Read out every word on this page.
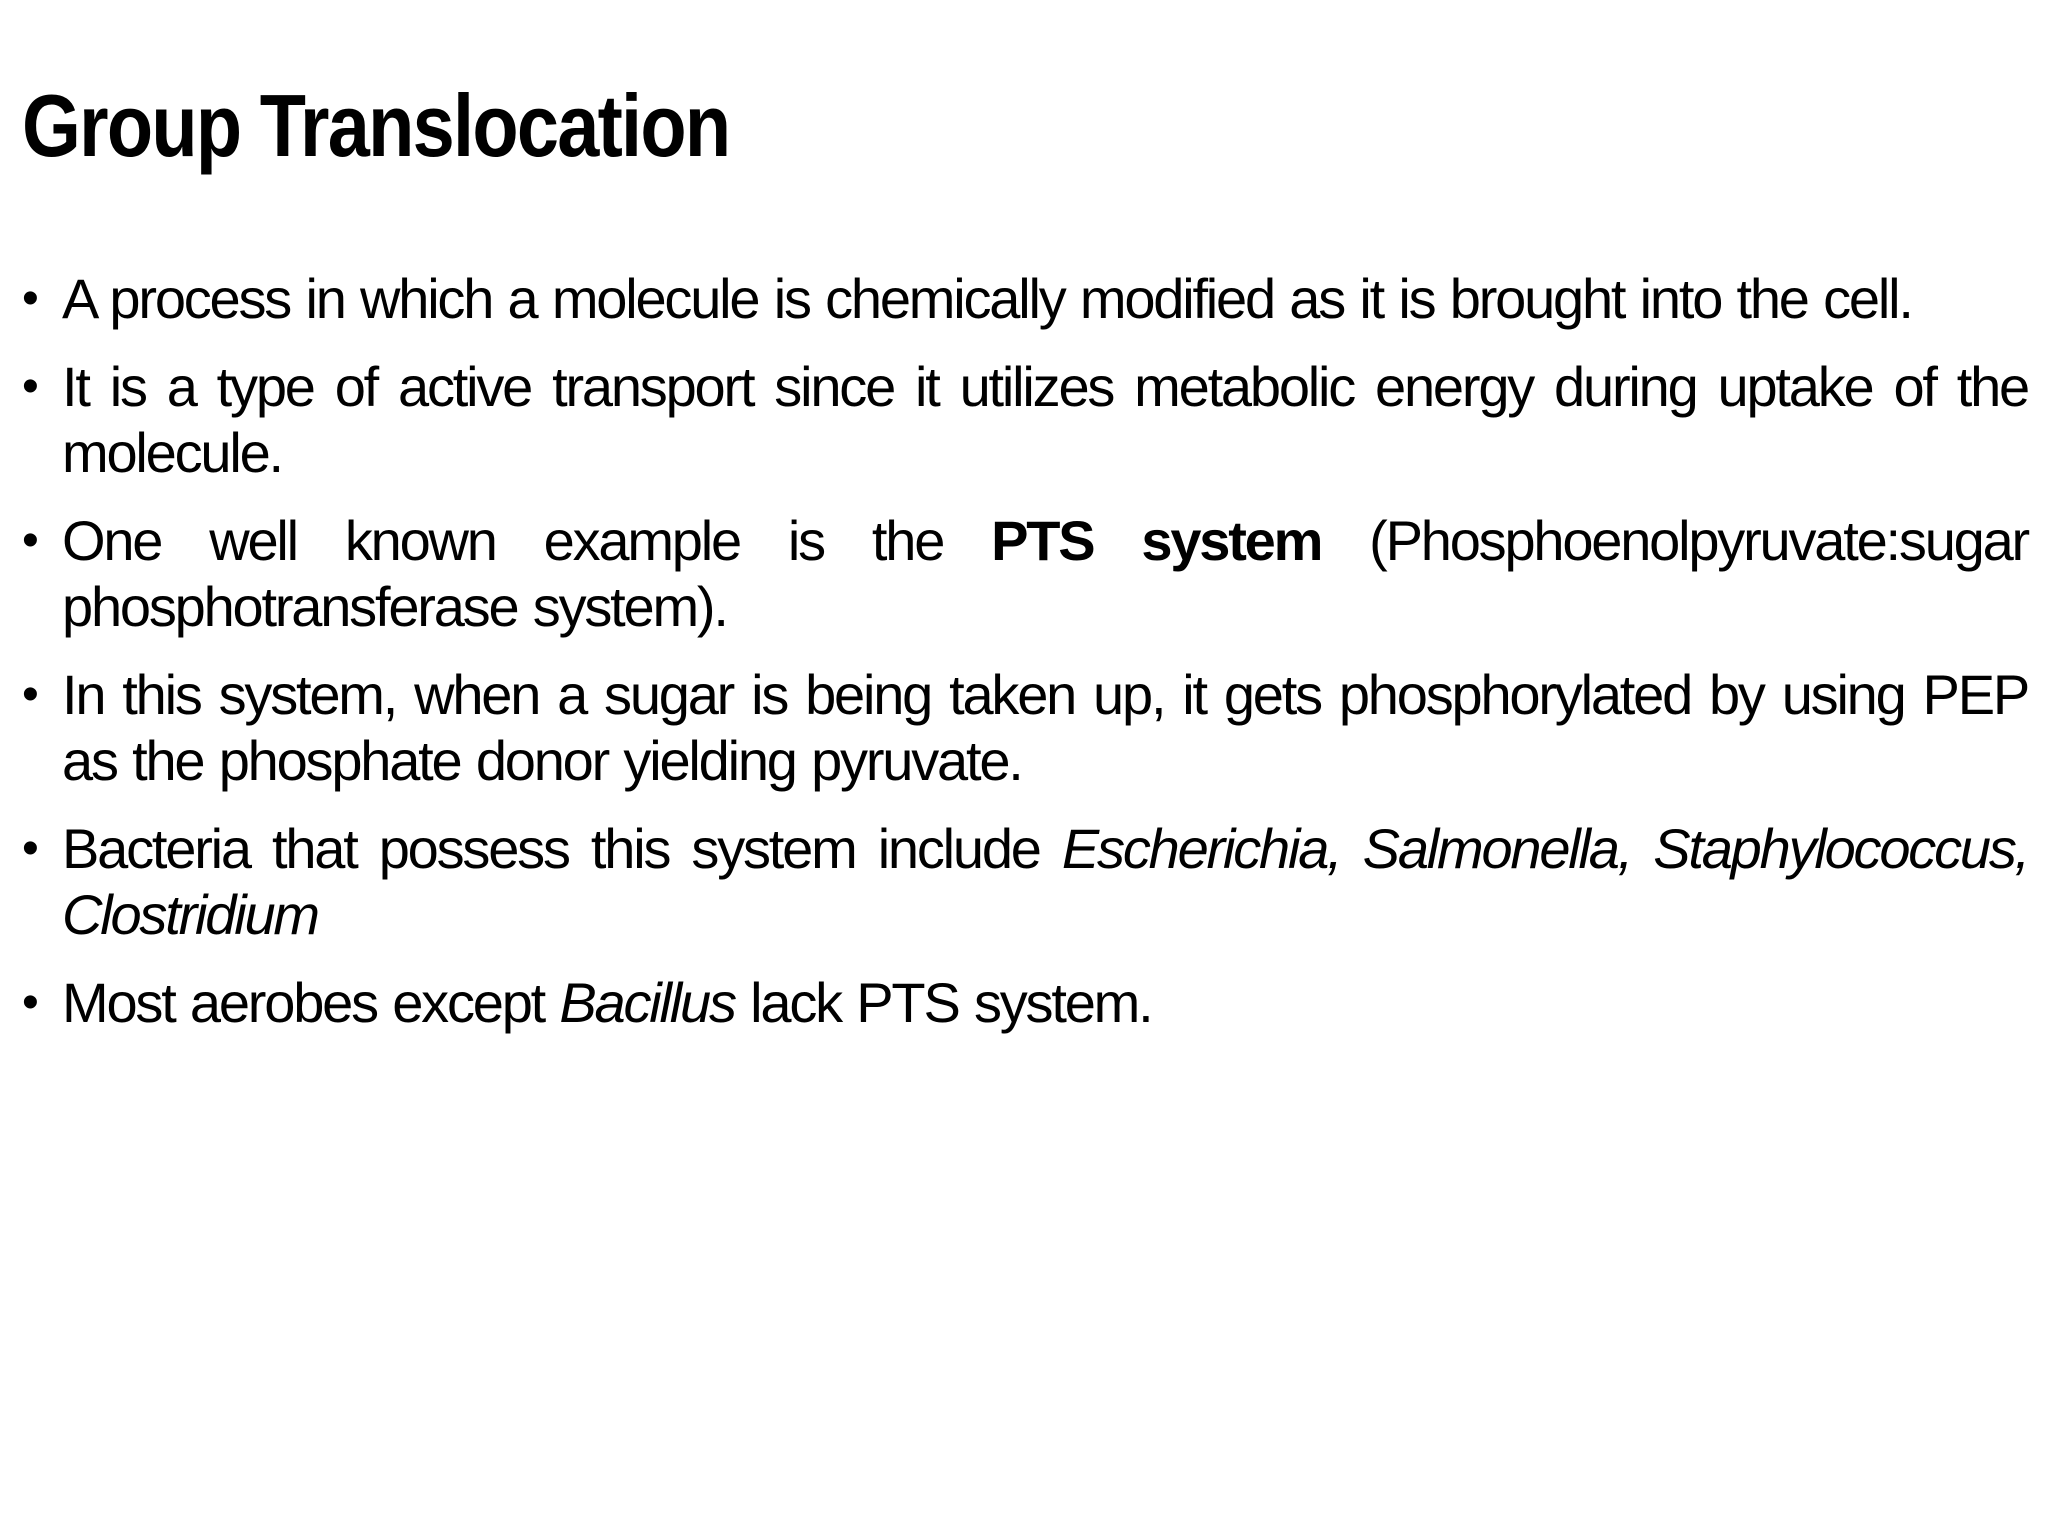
Group Translocation
• A process in which a molecule is chemically modified as it is brought into the cell.
• It is a type of active transport since it utilizes metabolic energy during uptake of the molecule.
• One well known example is the PTS system (Phosphoenolpyruvate:sugar phosphotransferase system).
• In this system, when a sugar is being taken up, it gets phosphorylated by using PEP as the phosphate donor yielding pyruvate.
• Bacteria that possess this system include Escherichia, Salmonella, Staphylococcus, Clostridium
• Most aerobes except Bacillus lack PTS system.
